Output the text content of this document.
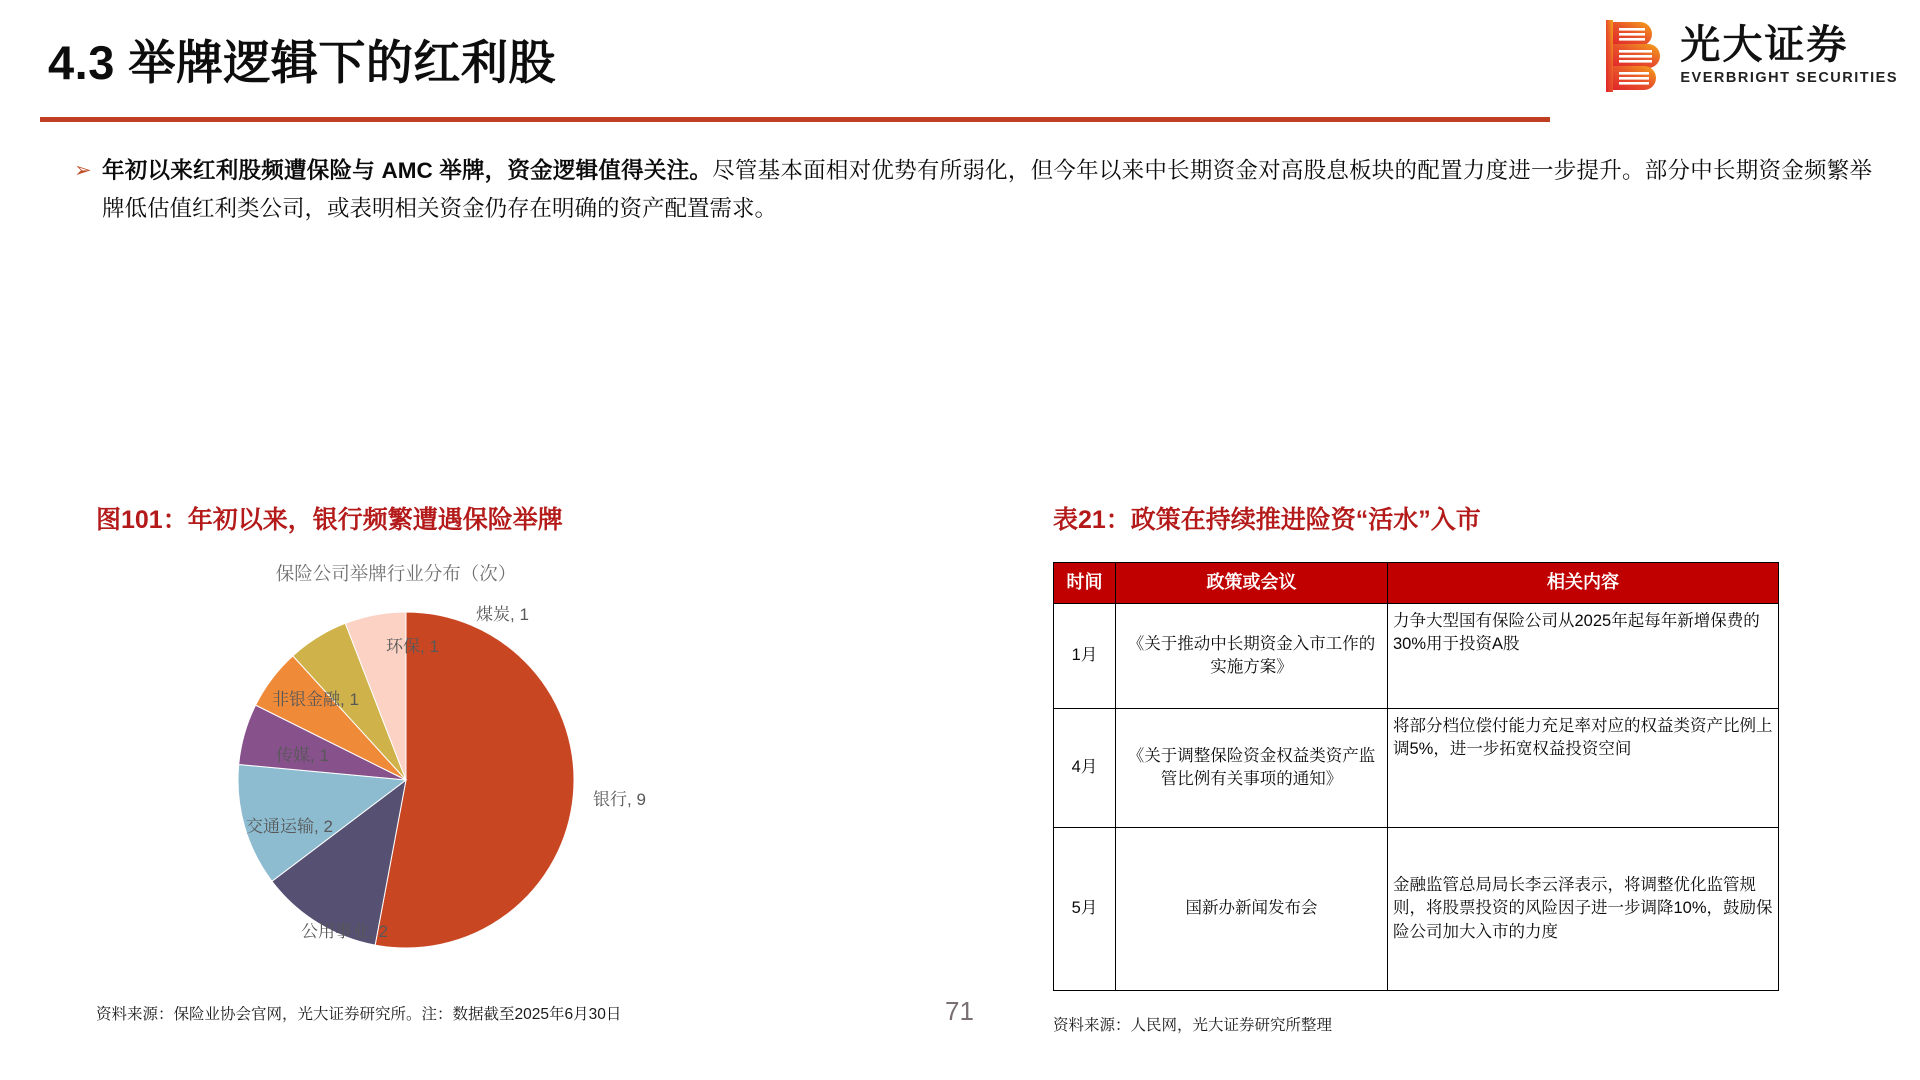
4.3 举牌逻辑下的红利股	光大证券
EVERBRIGHT SECURITIES
➢ 年初以来红利股频遭保险与 AMC 举牌，资金逻辑值得关注。尽管基本面相对优势有所弱化，但今年以来中长期资金对高股息板块的配置力度进一步提升。部分中长期资金频繁举牌低估值红利类公司，或表明相关资金仍存在明确的资产配置需求。
图101：年初以来，银行频繁遭遇保险举牌
保险公司举牌行业分布（次）
煤炭, 1
环保, 1
非银金融, 1
传媒, 1
交通运输, 2
公用事业, 2
银行, 9
资料来源：保险业协会官网，光大证券研究所。注：数据截至2025年6月30日	71
表21：政策在持续推进险资“活水”入市
时间	政策或会议	相关内容
1月	《关于推动中长期资金入市工作的实施方案》	力争大型国有保险公司从2025年起每年新增保费的30%用于投资A股
4月	《关于调整保险资金权益类资产监管比例有关事项的通知》	将部分档位偿付能力充足率对应的权益类资产比例上调5%，进一步拓宽权益投资空间
5月	国新办新闻发布会	金融监管总局局长李云泽表示，将调整优化监管规则，将股票投资的风险因子进一步调降10%，鼓励保险公司加大入市的力度
资料来源：人民网，光大证券研究所整理
